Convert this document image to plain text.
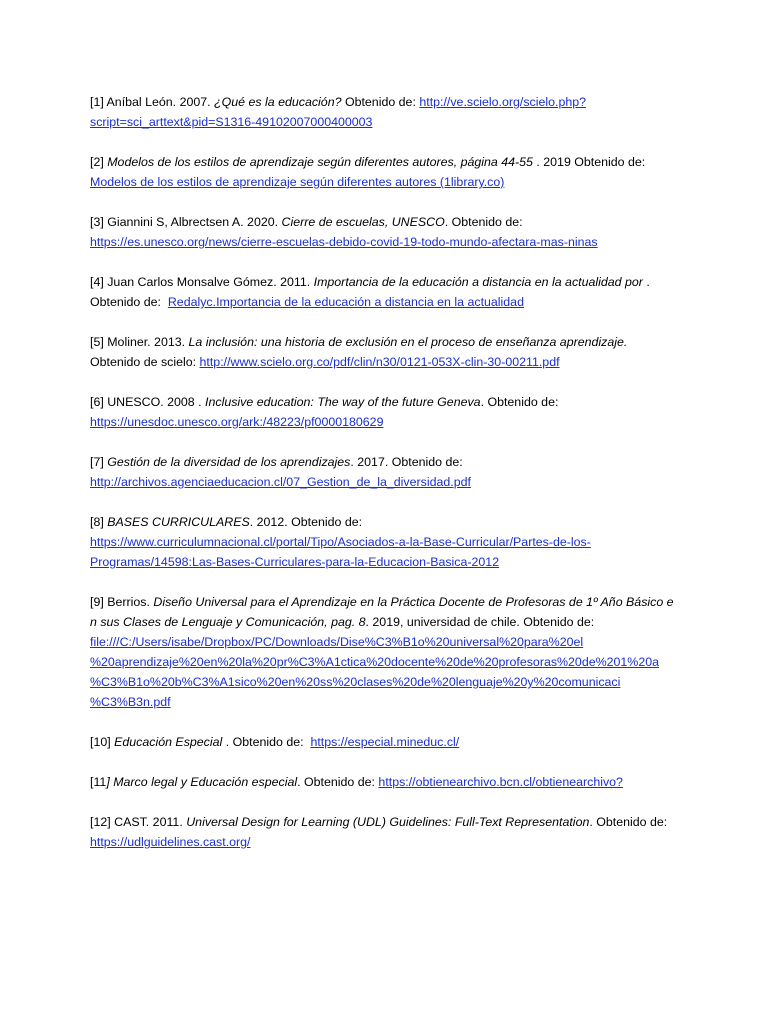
[1] Aníbal León. 2007. ¿Qué es la educación? Obtenido de: http://ve.scielo.org/scielo.php?
script=sci_arttext&pid=S1316-49102007000400003
[2] Modelos de los estilos de aprendizaje según diferentes autores, página 44-55 . 2019 Obtenido de:
Modelos de los estilos de aprendizaje según diferentes autores (1library.co)
[3] Giannini S, Albrectsen A. 2020. Cierre de escuelas, UNESCO. Obtenido de:
https://es.unesco.org/news/cierre-escuelas-debido-covid-19-todo-mundo-afectara-mas-ninas
[4] Juan Carlos Monsalve Gómez. 2011. Importancia de la educación a distancia en la actualidad por .
Obtenido de: Redalyc.Importancia de la educación a distancia en la actualidad
[5] Moliner. 2013. La inclusión: una historia de exclusión en el proceso de enseñanza aprendizaje.
Obtenido de scielo: http://www.scielo.org.co/pdf/clin/n30/0121-053X-clin-30-00211.pdf
[6] UNESCO. 2008 . Inclusive education: The way of the future Geneva. Obtenido de:
https://unesdoc.unesco.org/ark:/48223/pf0000180629
[7] Gestión de la diversidad de los aprendizajes. 2017. Obtenido de:
http://archivos.agenciaeducacion.cl/07_Gestion_de_la_diversidad.pdf
[8] BASES CURRICULARES. 2012. Obtenido de:
https://www.curriculumnacional.cl/portal/Tipo/Asociados-a-la-Base-Curricular/Partes-de-los-
Programas/14598:Las-Bases-Curriculares-para-la-Educacion-Basica-2012
[9] Berrios. Diseño Universal para el Aprendizaje en la Práctica Docente de Profesoras de 1º Año Básico en sus Clases de Lenguaje y Comunicación, pag. 8. 2019, universidad de chile. Obtenido de:
file:///C:/Users/isabe/Dropbox/PC/Downloads/Dise%C3%B1o%20universal%20para%20el
%20aprendizaje%20en%20la%20pr%C3%A1ctica%20docente%20de%20profesoras%20de%201%20a
%C3%B1o%20b%C3%A1sico%20en%20ss%20clases%20de%20lenguaje%20y%20comunicaci
%C3%B3n.pdf
[10] Educación Especial . Obtenido de: https://especial.mineduc.cl/
[11] Marco legal y Educación especial. Obtenido de: https://obtienearchivo.bcn.cl/obtienearchivo?
[12] CAST. 2011. Universal Design for Learning (UDL) Guidelines: Full-Text Representation. Obtenido de:
https://udlguidelines.cast.org/
